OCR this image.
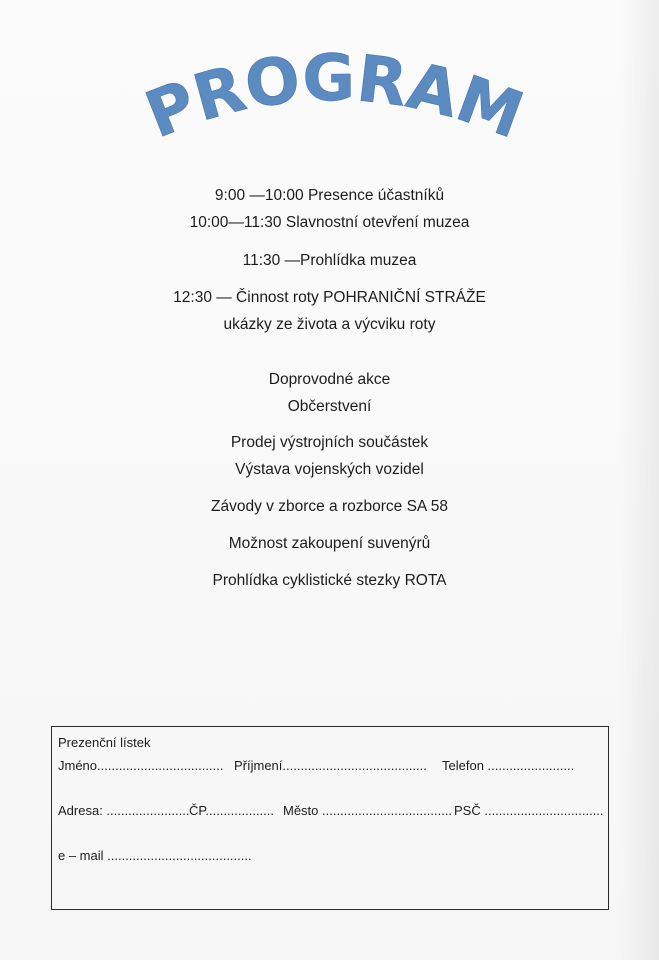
PROGRAM
9:00 —10:00 Presence účastníků
10:00—11:30 Slavnostní otevření muzea
11:30 —Prohlídka muzea
12:30 — Činnost roty POHRANIČNÍ STRÁŽE
ukázky ze života a výcviku roty
Doprovodné akce
Občerstvení
Prodej výstrojních součástek
Výstava vojenských vozidel
Závody v zborce a rozborce SA 58
Možnost zakoupení suvenýrů
Prohlídka cyklistické stezky ROTA
Prezenční lístek
Jméno................................... Příjmení........................................ Telefon ........................
Adresa: ....................... ČP................... Město .................................... PSČ .................................
e – mail ........................................
